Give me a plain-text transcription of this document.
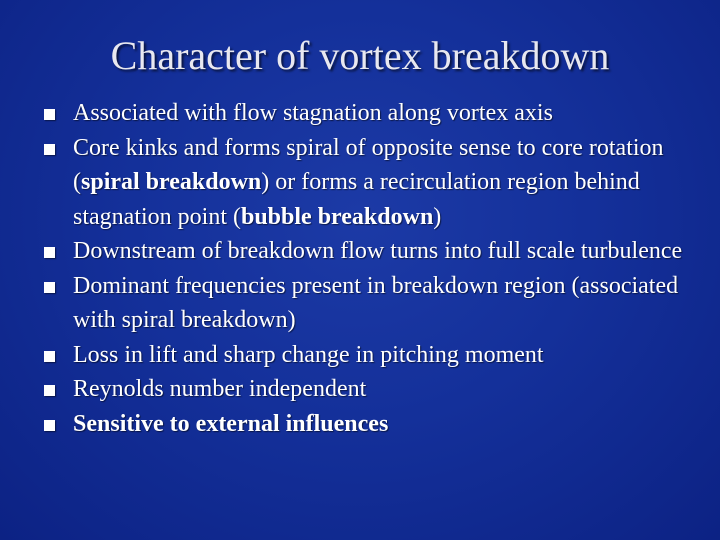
Character of vortex breakdown
Associated with flow stagnation along vortex axis
Core kinks and forms spiral of opposite sense to core rotation (spiral breakdown) or forms a recirculation region behind stagnation point (bubble breakdown)
Downstream of breakdown flow turns into full scale turbulence
Dominant frequencies present in breakdown region (associated with spiral breakdown)
Loss in lift and sharp change in pitching moment
Reynolds number independent
Sensitive to external influences
